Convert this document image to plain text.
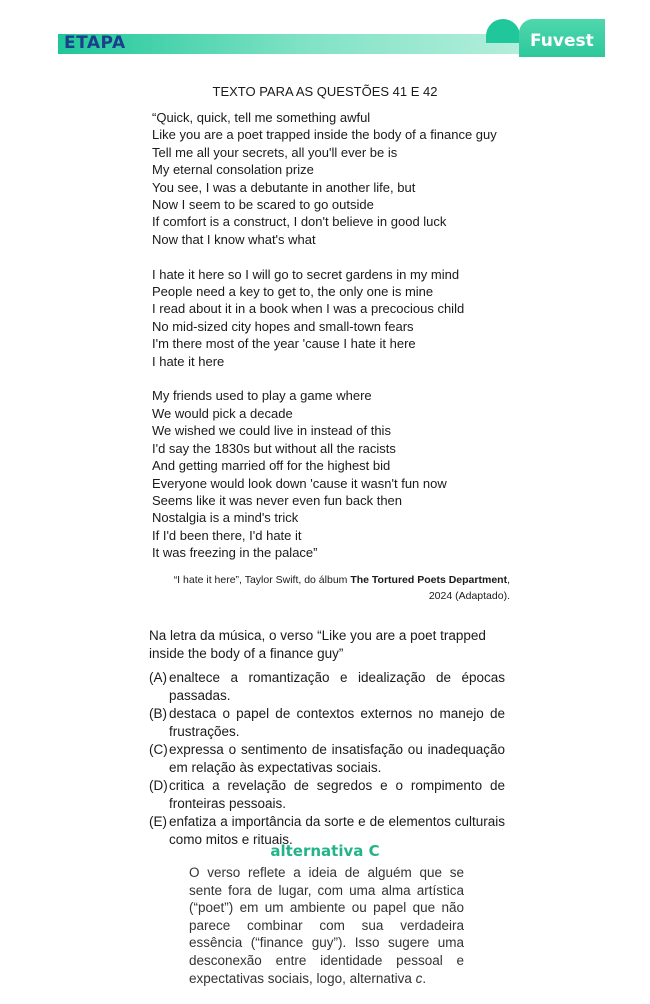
ETAPA	Fuvest
TEXTO PARA AS QUESTÕES 41 E 42
“Quick, quick, tell me something awful
Like you are a poet trapped inside the body of a finance guy
Tell me all your secrets, all you'll ever be is
My eternal consolation prize
You see, I was a debutante in another life, but
Now I seem to be scared to go outside
If comfort is a construct, I don't believe in good luck
Now that I know what's what
I hate it here so I will go to secret gardens in my mind
People need a key to get to, the only one is mine
I read about it in a book when I was a precocious child
No mid-sized city hopes and small-town fears
I'm there most of the year 'cause I hate it here
I hate it here
My friends used to play a game where
We would pick a decade
We wished we could live in instead of this
I'd say the 1830s but without all the racists
And getting married off for the highest bid
Everyone would look down 'cause it wasn't fun now
Seems like it was never even fun back then
Nostalgia is a mind's trick
If I'd been there, I'd hate it
It was freezing in the palace”
“I hate it here”, Taylor Swift, do álbum The Tortured Poets Department,
2024 (Adaptado).
Na letra da música, o verso “Like you are a poet trapped inside the body of a finance guy”
(A) enaltece a romantização e idealização de épocas passadas.
(B) destaca o papel de contextos externos no manejo de frustrações.
(C) expressa o sentimento de insatisfação ou inadequação em relação às expectativas sociais.
(D) critica a revelação de segredos e o rompimento de fronteiras pessoais.
(E) enfatiza a importância da sorte e de elementos culturais como mitos e rituais.
alternativa C
O verso reflete a ideia de alguém que se sente fora de lugar, com uma alma artística (“poet”) em um ambiente ou papel que não parece combinar com sua verdadeira essência (“finance guy”). Isso sugere uma desconexão entre identidade pessoal e expectativas sociais, logo, alternativa c.
